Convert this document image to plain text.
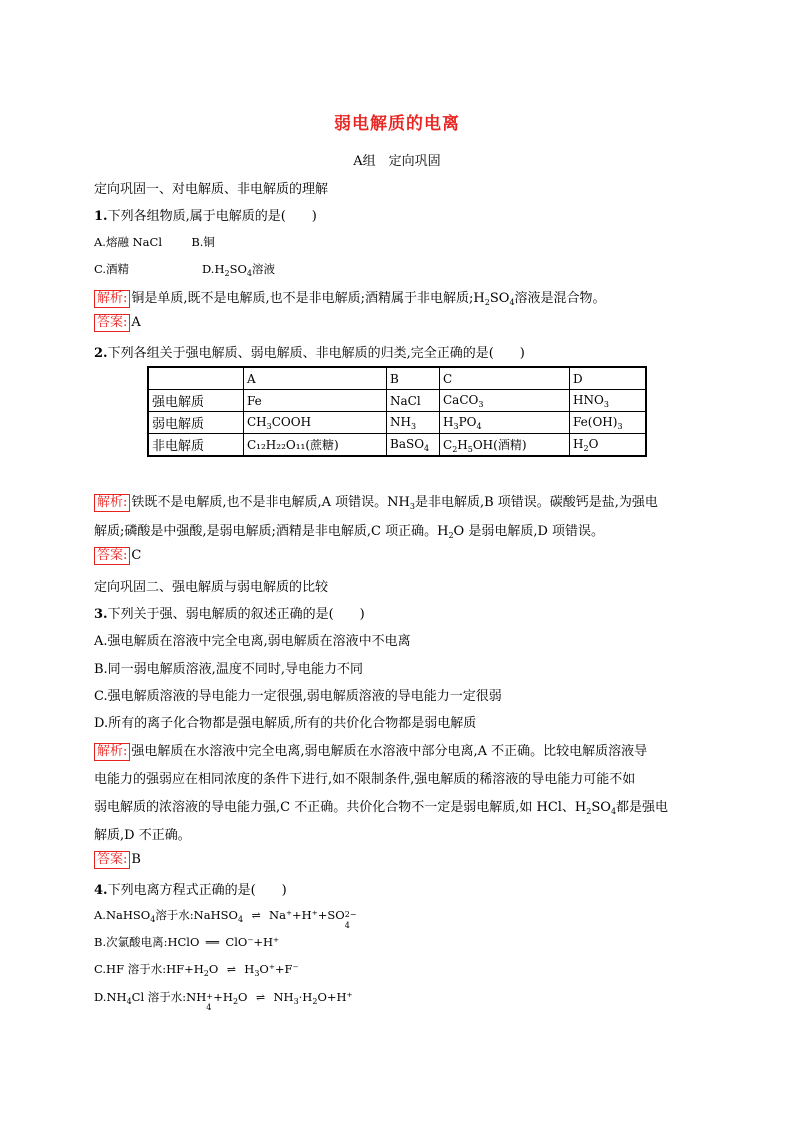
弱电解质的电离
A组　定向巩固
定向巩固一、对电解质、非电解质的理解
1.下列各组物质,属于电解质的是(　　)
A.熔融 NaCl	B.铜
C.酒精	$D.H_2SO_4$溶液
解析: 铜是单质,既不是电解质,也不是非电解质;酒精属于非电解质$;H_2SO_4$溶液是混合物。
答案: A
2.下列各组关于强电解质、弱电解质、非电解质的归类,完全正确的是(　　)
	A	B	C	D
强电解质	Fe	NaCl	CaCO$_3$	$HNO_3$
弱电解质	$CH_3COOH$	$NH_3$	$H_3PO_4$	$Fe(OH)_3$
非电解质	C₁₂H₂₂O₁₁(蔗糖)	BaSO$_4$	$C_2H_5OH$(酒精)	$H_2O$
解析: 铁既不是电解质,也不是非电解质,A 项错误。$NH_3$是非电解质,B 项错误。碳酸钙是盐,为强电
解质;磷酸是中强酸,是弱电解质;酒精是非电解质,C 项正确。$H_2O$ 是弱电解质,D 项错误。
答案: C
定向巩固二、强电解质与弱电解质的比较
3.下列关于强、弱电解质的叙述正确的是(　　)
A.强电解质在溶液中完全电离,弱电解质在溶液中不电离
B.同一弱电解质溶液,温度不同时,导电能力不同
C.强电解质溶液的导电能力一定很强,弱电解质溶液的导电能力一定很弱
D.所有的离子化合物都是强电解质,所有的共价化合物都是弱电解质
解析: 强电解质在水溶液中完全电离,弱电解质在水溶液中部分电离,A 不正确。比较电解质溶液导
电能力的强弱应在相同浓度的条件下进行,如不限制条件,强电解质的稀溶液的导电能力可能不如
弱电解质的浓溶液的导电能力强,C 不正确。共价化合物不一定是弱电解质,如 HCl、$H_2SO_4$都是强电
解质,D 不正确。
答案: B
4.下列电离方程式正确的是(　　)
A.NaHSO$_4$溶于水:NaHSO$_4$ ⇌ Na⁺+H⁺+SO 2−
4
B.次氯酸电离:HClO ══ ClO⁻+H⁺
C.HF 溶于水$:HF+H_2O$ ⇌ $H_3O^++F^-$
$D.NH_4Cl$ 溶于水:NH +
4
$+H_2O$ ⇌ $NH_3\cdot H_2O+H^+$
